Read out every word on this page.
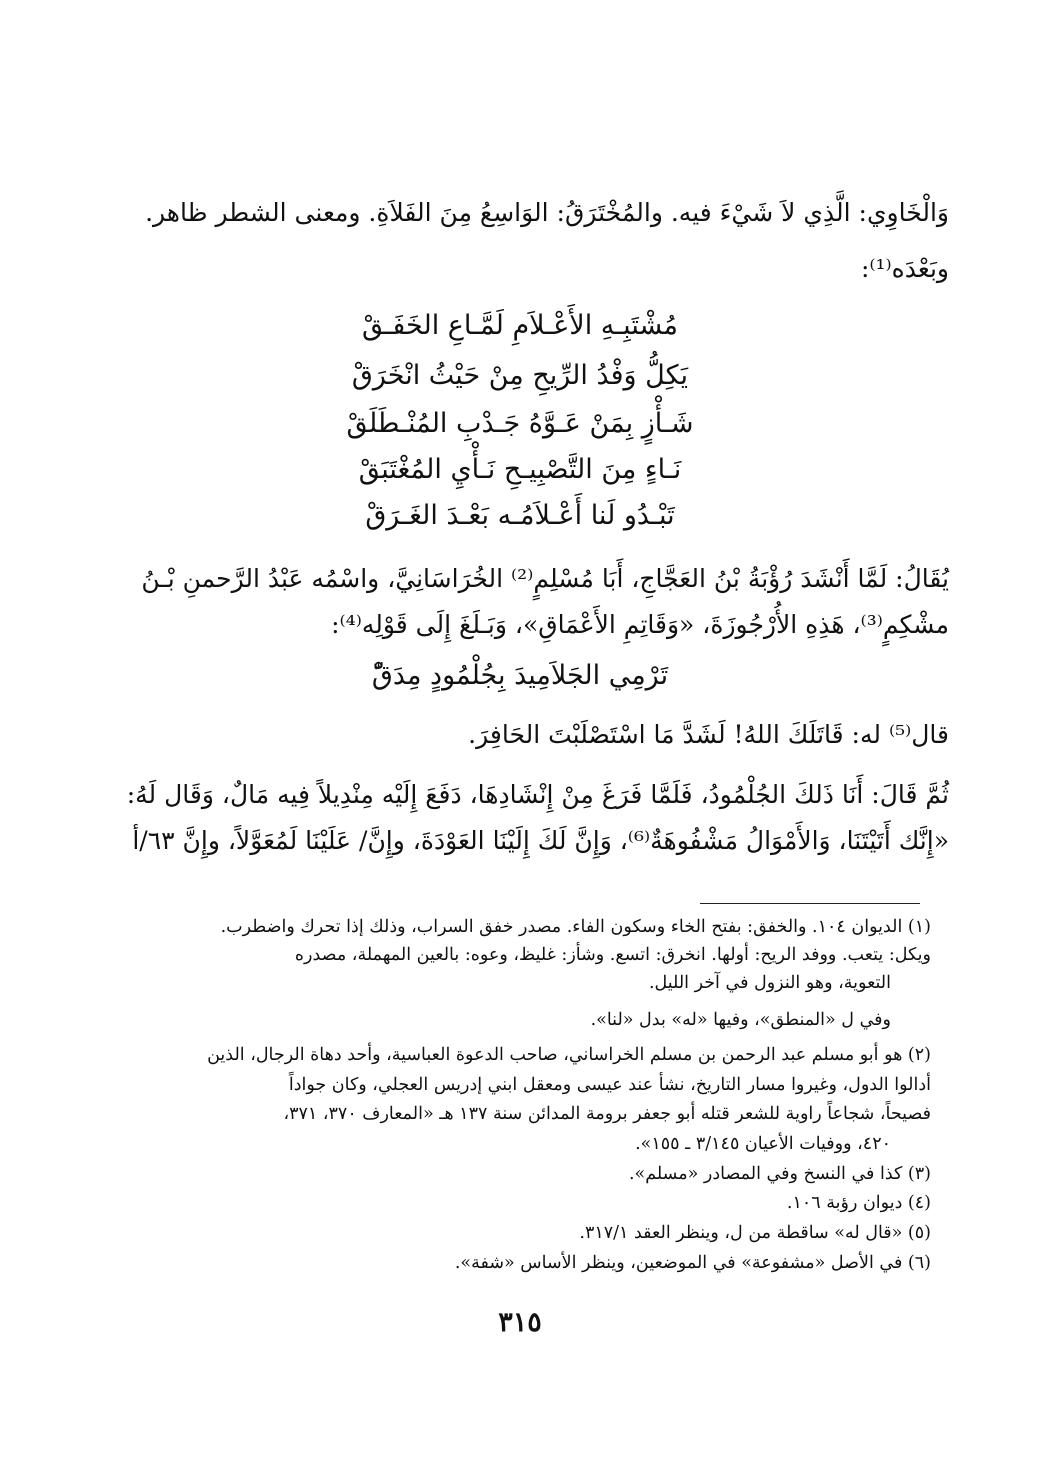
وَالْخَاوِي: الَّذِي لاَ شَيْءَ فيه. والمُخْتَرَقُ: الوَاسِعُ مِنَ الفَلاَةِ. ومعنى الشطر ظاهر.
وبَعْدَه⁽¹⁾:
مُشْتَبِـهِ الأَعْـلاَمِ لَمَّـاعِ الخَفَـقْ
يَكِلُّ وَفْدُ الرِّيحِ مِنْ حَيْثُ انْخَرَقْ
شَـأْزٍ بِمَنْ عَـوَّهُ جَـدْبِ المُنْـطَلَقْ
نَـاءٍ مِنَ التَّصْبِيـحِ نَـأْيِ المُغْتَبَقْ
تَبْـدُو لَنا أَعْـلاَمُـه بَعْـدَ الغَـرَقْ
يُقَالُ: لَمَّا أَنْشَدَ رُؤْبَةُ بْنُ العَجَّاجِ، أَبَا مُسْلِمٍ⁽²⁾ الخُرَاسَانِيَّ، واسْمُه عَبْدُ الرَّحمنِ بْـنُ
مشْكِمٍ⁽³⁾، هَذِهِ الأُرْجُوزَةَ، «وَقَاتِمِ الأَعْمَاقِ»، وَبَـلَغَ إِلَى قَوْلِه⁽⁴⁾:
تَرْمِي الجَلاَمِيدَ بِجُلْمُودٍ مِدَقّْ
قال⁽⁵⁾ له: قَاتَلَكَ اللهُ! لَشَدَّ مَا اسْتَصْلَبْتَ الحَافِرَ.
ثُمَّ قَالَ: أَنَا ذَلكَ الجُلْمُودُ، فَلَمَّا فَرَغَ مِنْ إِنْشَادِهَا، دَفَعَ إِلَيْه مِنْدِيلاً فِيه مَالٌ، وَقَال لَهُ:
«إِنَّك أَتَيْتَنَا، وَالأَمْوَالُ مَشْفُوهَةٌ⁽⁶⁾، وَإِنَّ لَكَ إِلَيْنَا العَوْدَةَ، وإِنَّ/ عَلَيْنَا لَمُعَوَّلاً، وإِنَّ ٦٣/أ
(١) الديوان ١٠٤. والخفق: بفتح الخاء وسكون الفاء. مصدر خفق السراب، وذلك إذا تحرك واضطرب.
ويكل: يتعب. ووفد الريح: أولها. انخرق: اتسع. وشأز: غليظ، وعوه: بالعين المهملة، مصدره
التعوية، وهو النزول في آخر الليل.
وفي ل «المنطق»، وفيها «له» بدل «لنا».
(٢) هو أبو مسلم عبد الرحمن بن مسلم الخراساني، صاحب الدعوة العباسية، وأحد دهاة الرجال، الذين
أدالوا الدول، وغيروا مسار التاريخ، نشأ عند عيسى ومعقل ابني إدريس العجلي، وكان جواداً
فصيحاً، شجاعاً راوية للشعر قتله أبو جعفر برومة المدائن سنة ١٣٧ هـ «المعارف ٣٧٠، ٣٧١،
٤٢٠، ووفيات الأعيان ٣/١٤٥ ـ ١٥٥».
(٣) كذا في النسخ وفي المصادر «مسلم».
(٤) ديوان رؤبة ١٠٦.
(٥) «قال له» ساقطة من ل، وينظر العقد ٣١٧/١.
(٦) في الأصل «مشفوعة» في الموضعين، وينظر الأساس «شفة».
٣١٥
